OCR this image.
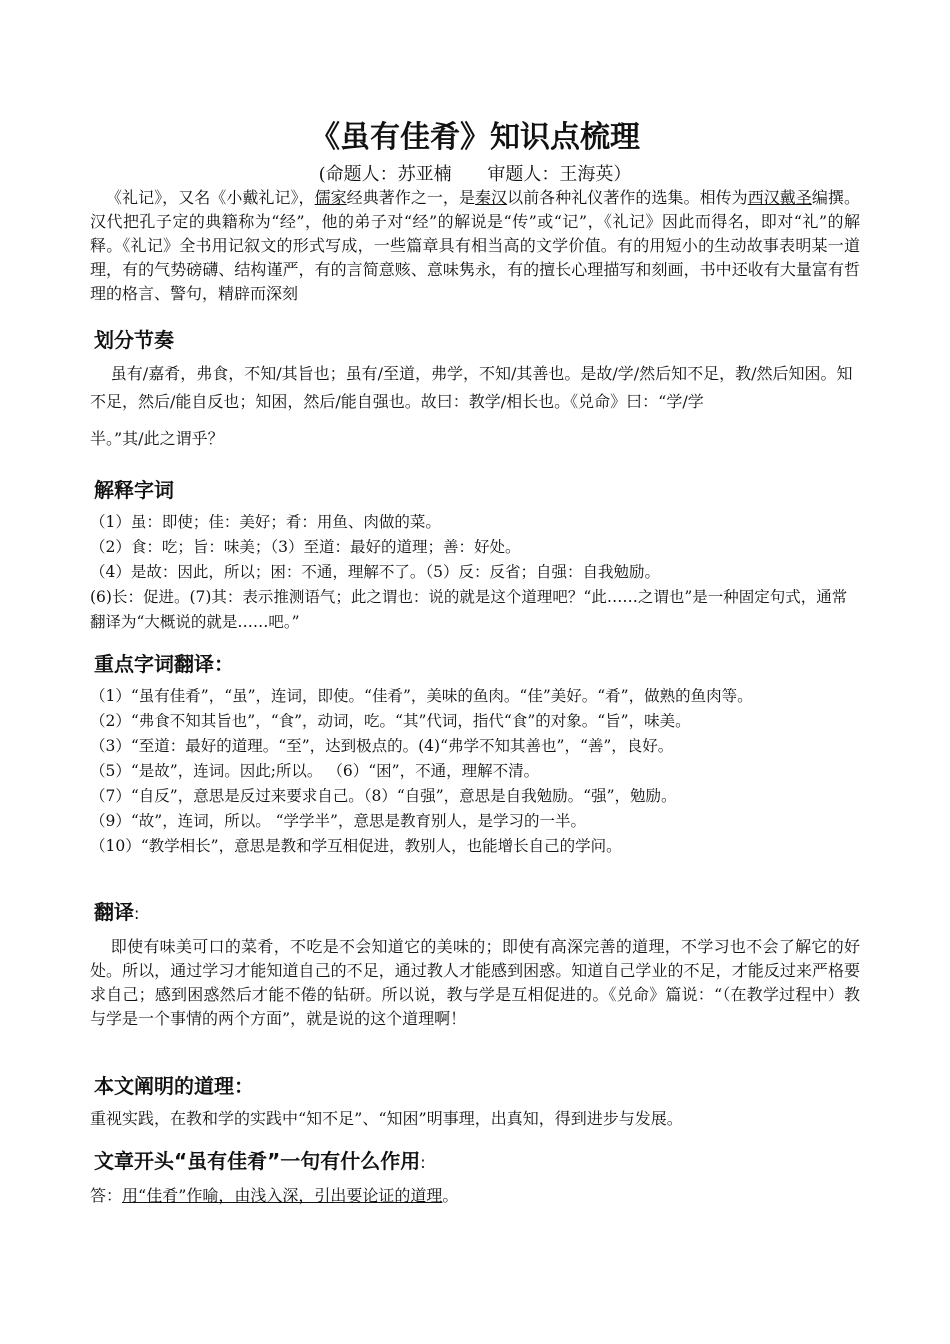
《虽有佳肴》知识点梳理
(命题人：苏亚楠 审题人：王海英）
《礼记》，又名《小戴礼记》，儒家经典著作之一，是秦汉以前各种礼仪著作的选集。相传为西汉戴圣编撰。汉代把孔子定的典籍称为“经”，他的弟子对“经”的解说是“传”或“记”，《礼记》因此而得名，即对“礼”的解释。《礼记》全书用记叙文的形式写成，一些篇章具有相当高的文学价值。有的用短小的生动故事表明某一道理，有的气势磅礴、结构谨严，有的言简意赅、意味隽永，有的擅长心理描写和刻画，书中还收有大量富有哲理的格言、警句，精辟而深刻
划分节奏
虽有/嘉肴，弗食，不知/其旨也；虽有/至道，弗学，不知/其善也。是故/学/然后知不足，教/然后知困。知不足，然后/能自反也；知困，然后/能自强也。故曰：教学/相长也。《兑命》曰：“学/学
半。”其/此之谓乎？
解释字词
（1）虽：即使；佳：美好；肴：用鱼、肉做的菜。
（2）食：吃；旨：味美；（3）至道：最好的道理；善：好处。
（4）是故：因此，所以；困：不通，理解不了。（5）反：反省；自强：自我勉励。
(6)长：促进。(7)其：表示推测语气；此之谓也：说的就是这个道理吧？“此……之谓也”是一种固定句式，通常翻译为“大概说的就是……吧。”
重点字词翻译：
（1）“虽有佳肴”，“虽”，连词，即使。“佳肴”，美味的鱼肉。“佳”美好。“肴”，做熟的鱼肉等。
（2）“弗食不知其旨也”，“食”，动词，吃。“其”代词，指代“食”的对象。“旨”，味美。
（3）“至道：最好的道理。“至”，达到极点的。(4)“弗学不知其善也”，“善”，良好。
（5）“是故”，连词。因此;所以。 （6）“困”，不通，理解不清。
（7）“自反”，意思是反过来要求自己。（8）“自强”，意思是自我勉励。“强”，勉励。
（9）“故”，连词，所以。 “学学半”，意思是教育别人，是学习的一半。
（10）“教学相长”，意思是教和学互相促进，教别人，也能增长自己的学问。
翻译:
即使有味美可口的菜肴，不吃是不会知道它的美味的；即使有高深完善的道理，不学习也不会了解它的好处。所以，通过学习才能知道自己的不足，通过教人才能感到困惑。知道自己学业的不足，才能反过来严格要求自己；感到困惑然后才能不倦的钻研。所以说，教与学是互相促进的。《兑命》篇说：“（在教学过程中）教与学是一个事情的两个方面”，就是说的这个道理啊！
本文阐明的道理：
重视实践，在教和学的实践中“知不足”、“知困”明事理，出真知，得到进步与发展。
文章开头“虽有佳肴”一句有什么作用:
答：用“佳肴”作喻，由浅入深，引出要论证的道理。
